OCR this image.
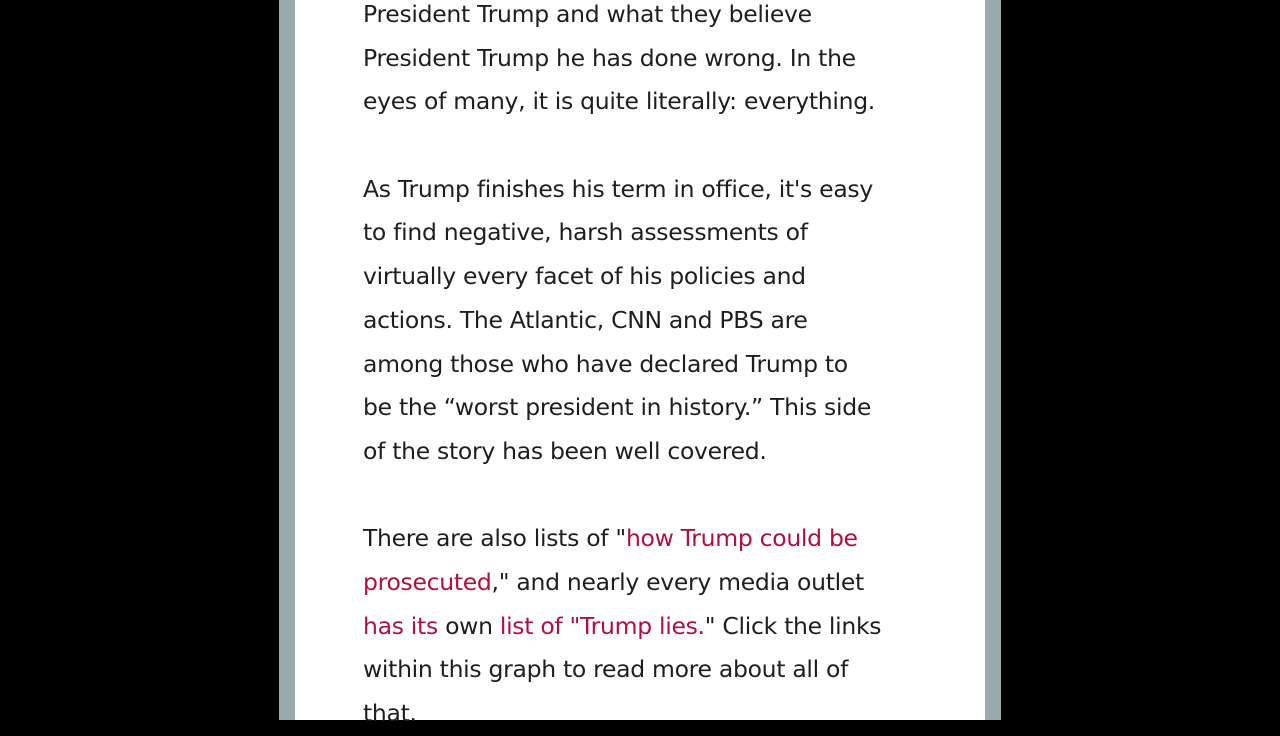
President Trump and what they believe
President Trump he has done wrong. In the
eyes of many, it is quite literally: everything.
As Trump finishes his term in office, it's easy
to find negative, harsh assessments of
virtually every facet of his policies and
actions. The Atlantic, CNN and PBS are
among those who have declared Trump to
be the “worst president in history.” This side
of the story has been well covered.
There are also lists of "how Trump could be
prosecuted," and nearly every media outlet
has its own list of "Trump lies." Click the links
within this graph to read more about all of
that.
